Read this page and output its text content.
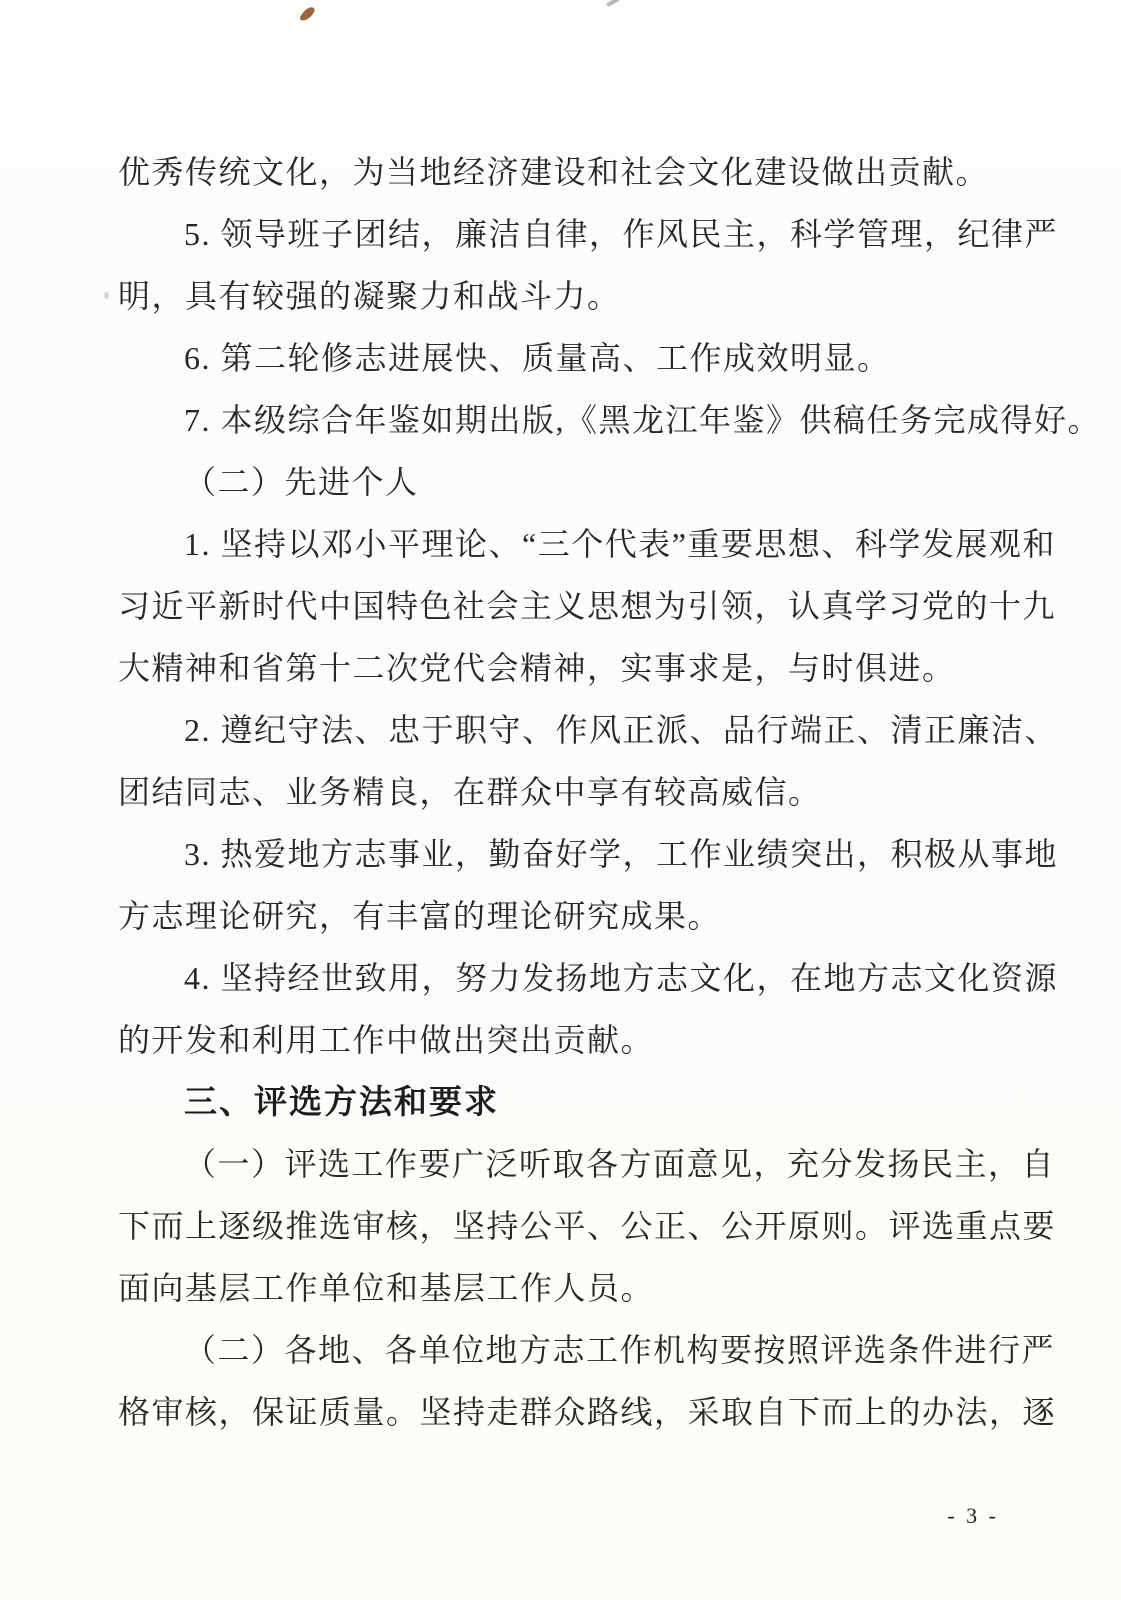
优秀传统文化，为当地经济建设和社会文化建设做出贡献。
5. 领导班子团结，廉洁自律，作风民主，科学管理，纪律严
明，具有较强的凝聚力和战斗力。
6. 第二轮修志进展快、质量高、工作成效明显。
7. 本级综合年鉴如期出版,《黑龙江年鉴》供稿任务完成得好。
（二）先进个人
1. 坚持以邓小平理论、“三个代表”重要思想、科学发展观和
习近平新时代中国特色社会主义思想为引领，认真学习党的十九
大精神和省第十二次党代会精神，实事求是，与时俱进。
2. 遵纪守法、忠于职守、作风正派、品行端正、清正廉洁、
团结同志、业务精良，在群众中享有较高威信。
3. 热爱地方志事业，勤奋好学，工作业绩突出，积极从事地
方志理论研究，有丰富的理论研究成果。
4. 坚持经世致用，努力发扬地方志文化，在地方志文化资源
的开发和利用工作中做出突出贡献。
三、评选方法和要求
（一）评选工作要广泛听取各方面意见，充分发扬民主，自
下而上逐级推选审核，坚持公平、公正、公开原则。评选重点要
面向基层工作单位和基层工作人员。
（二）各地、各单位地方志工作机构要按照评选条件进行严
格审核，保证质量。坚持走群众路线，采取自下而上的办法，逐
- 3 -
